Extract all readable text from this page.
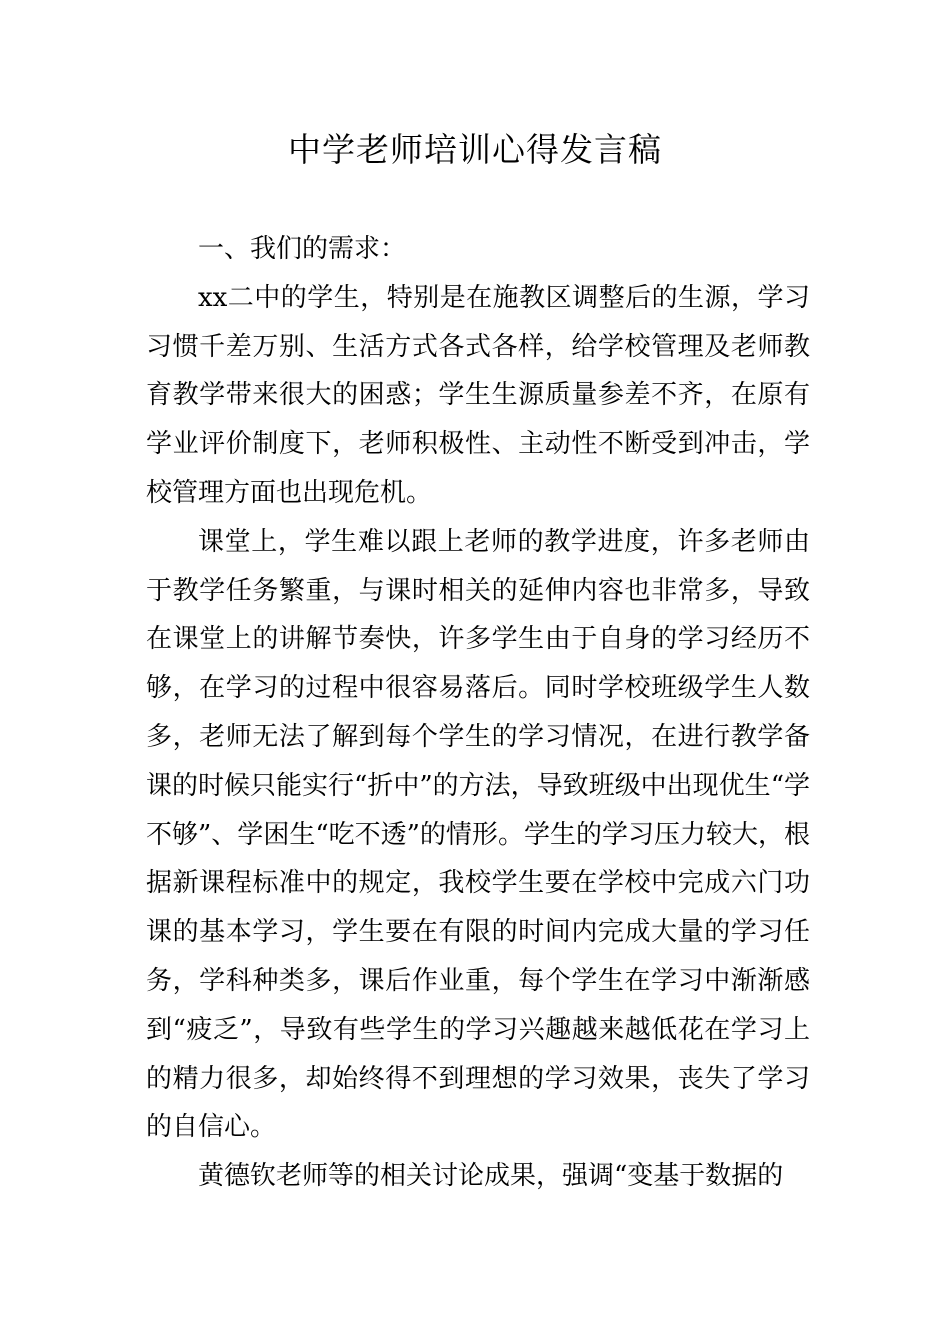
中学老师培训心得发言稿

一、我们的需求：

xx二中的学生，特别是在施教区调整后的生源，学习习惯千差万别、生活方式各式各样，给学校管理及老师教育教学带来很大的困惑；学生生源质量参差不齐，在原有学业评价制度下，老师积极性、主动性不断受到冲击，学校管理方面也出现危机。

课堂上，学生难以跟上老师的教学进度，许多老师由于教学任务繁重，与课时相关的延伸内容也非常多，导致在课堂上的讲解节奏快，许多学生由于自身的学习经历不够，在学习的过程中很容易落后。同时学校班级学生人数多，老师无法了解到每个学生的学习情况，在进行教学备课的时候只能实行“折中”的方法，导致班级中出现优生“学不够”、学困生“吃不透”的情形。学生的学习压力较大，根据新课程标准中的规定，我校学生要在学校中完成六门功课的基本学习，学生要在有限的时间内完成大量的学习任务，学科种类多，课后作业重，每个学生在学习中渐渐感到“疲乏”，导致有些学生的学习兴趣越来越低花在学习上的精力很多，却始终得不到理想的学习效果，丧失了学习的自信心。

黄德钦老师等的相关讨论成果，强调“变基于数据的
